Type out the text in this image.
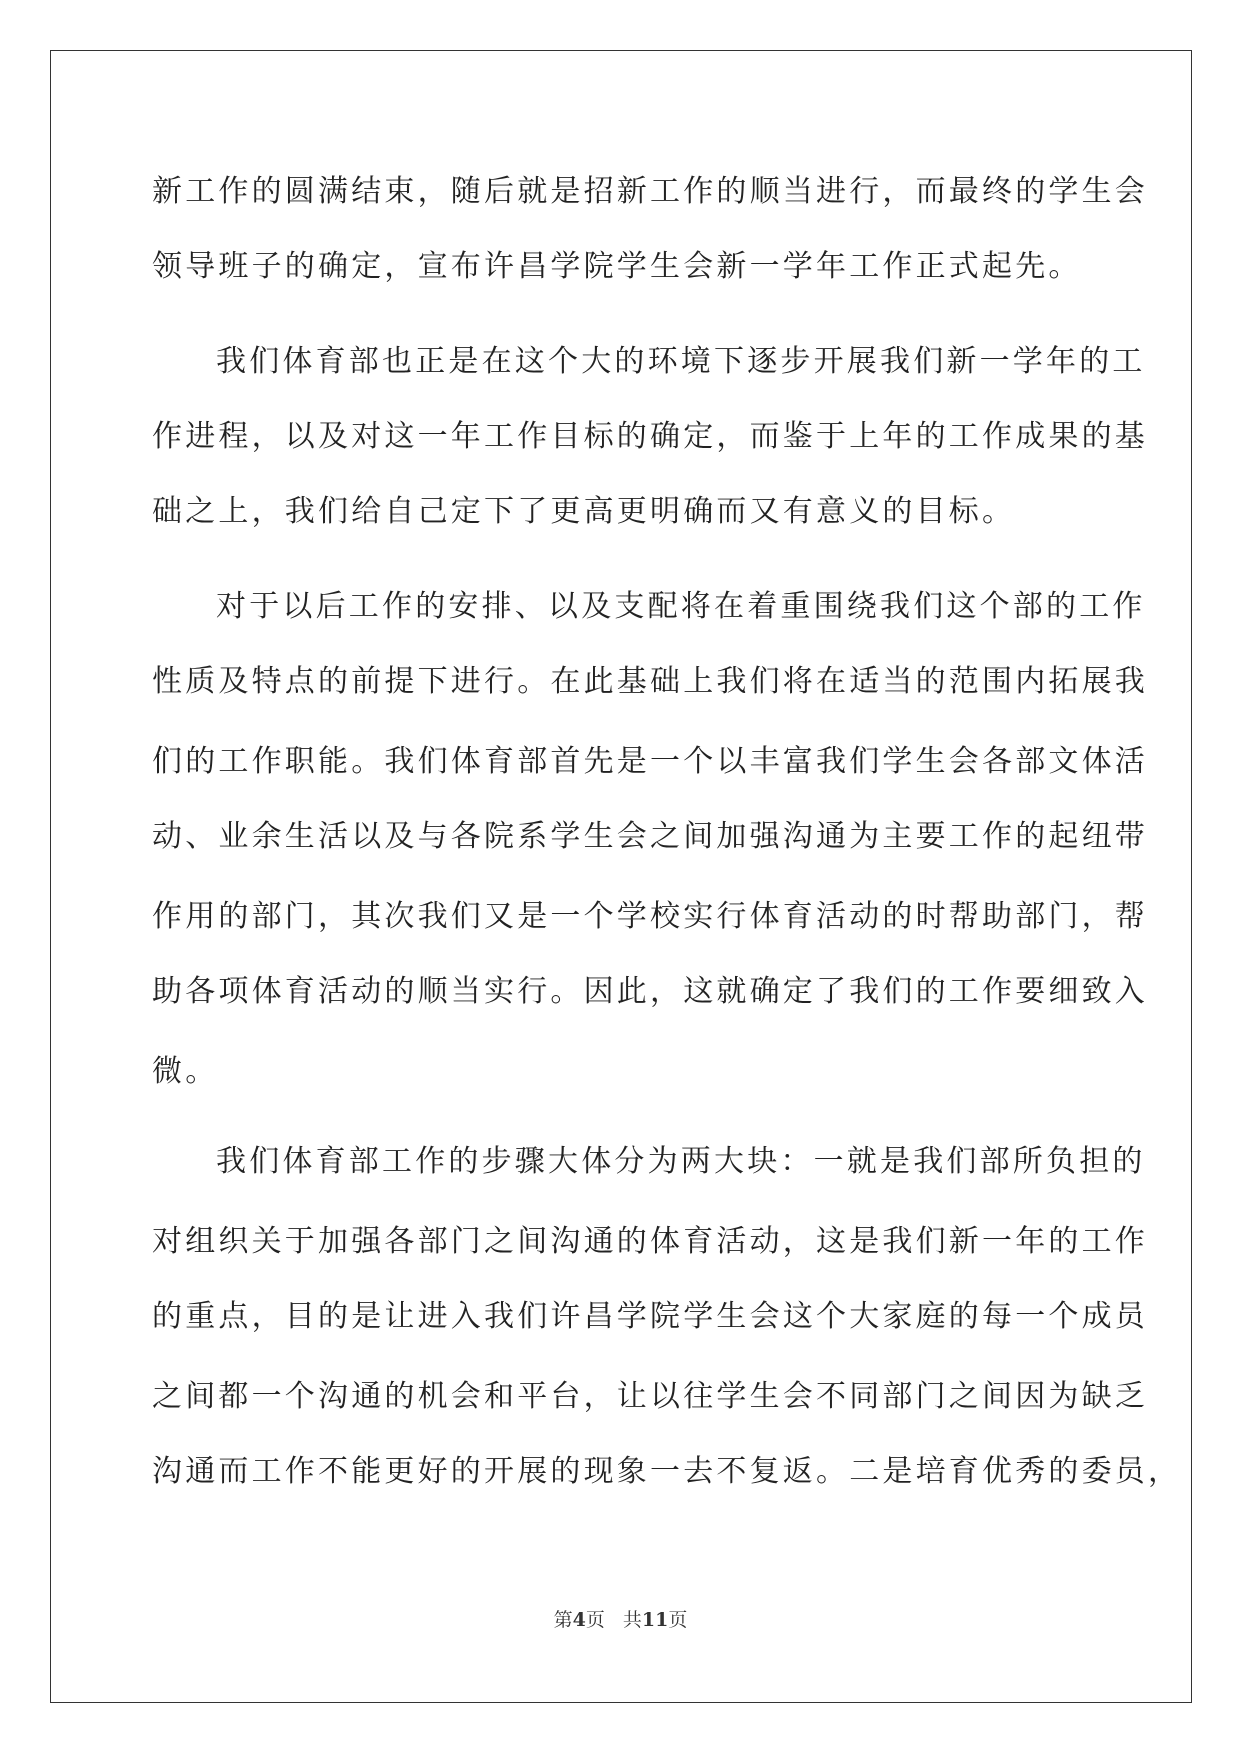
新工作的圆满结束，随后就是招新工作的顺当进行，而最终的学生会
领导班子的确定，宣布许昌学院学生会新一学年工作正式起先。
我们体育部也正是在这个大的环境下逐步开展我们新一学年的工
作进程，以及对这一年工作目标的确定，而鉴于上年的工作成果的基
础之上，我们给自己定下了更高更明确而又有意义的目标。
对于以后工作的安排、以及支配将在着重围绕我们这个部的工作
性质及特点的前提下进行。在此基础上我们将在适当的范围内拓展我
们的工作职能。我们体育部首先是一个以丰富我们学生会各部文体活
动、业余生活以及与各院系学生会之间加强沟通为主要工作的起纽带
作用的部门，其次我们又是一个学校实行体育活动的时帮助部门，帮
助各项体育活动的顺当实行。因此，这就确定了我们的工作要细致入
微。
我们体育部工作的步骤大体分为两大块：一就是我们部所负担的
对组织关于加强各部门之间沟通的体育活动，这是我们新一年的工作
的重点，目的是让进入我们许昌学院学生会这个大家庭的每一个成员
之间都一个沟通的机会和平台，让以往学生会不同部门之间因为缺乏
沟通而工作不能更好的开展的现象一去不复返。二是培育优秀的委员，
第4页 共11页
